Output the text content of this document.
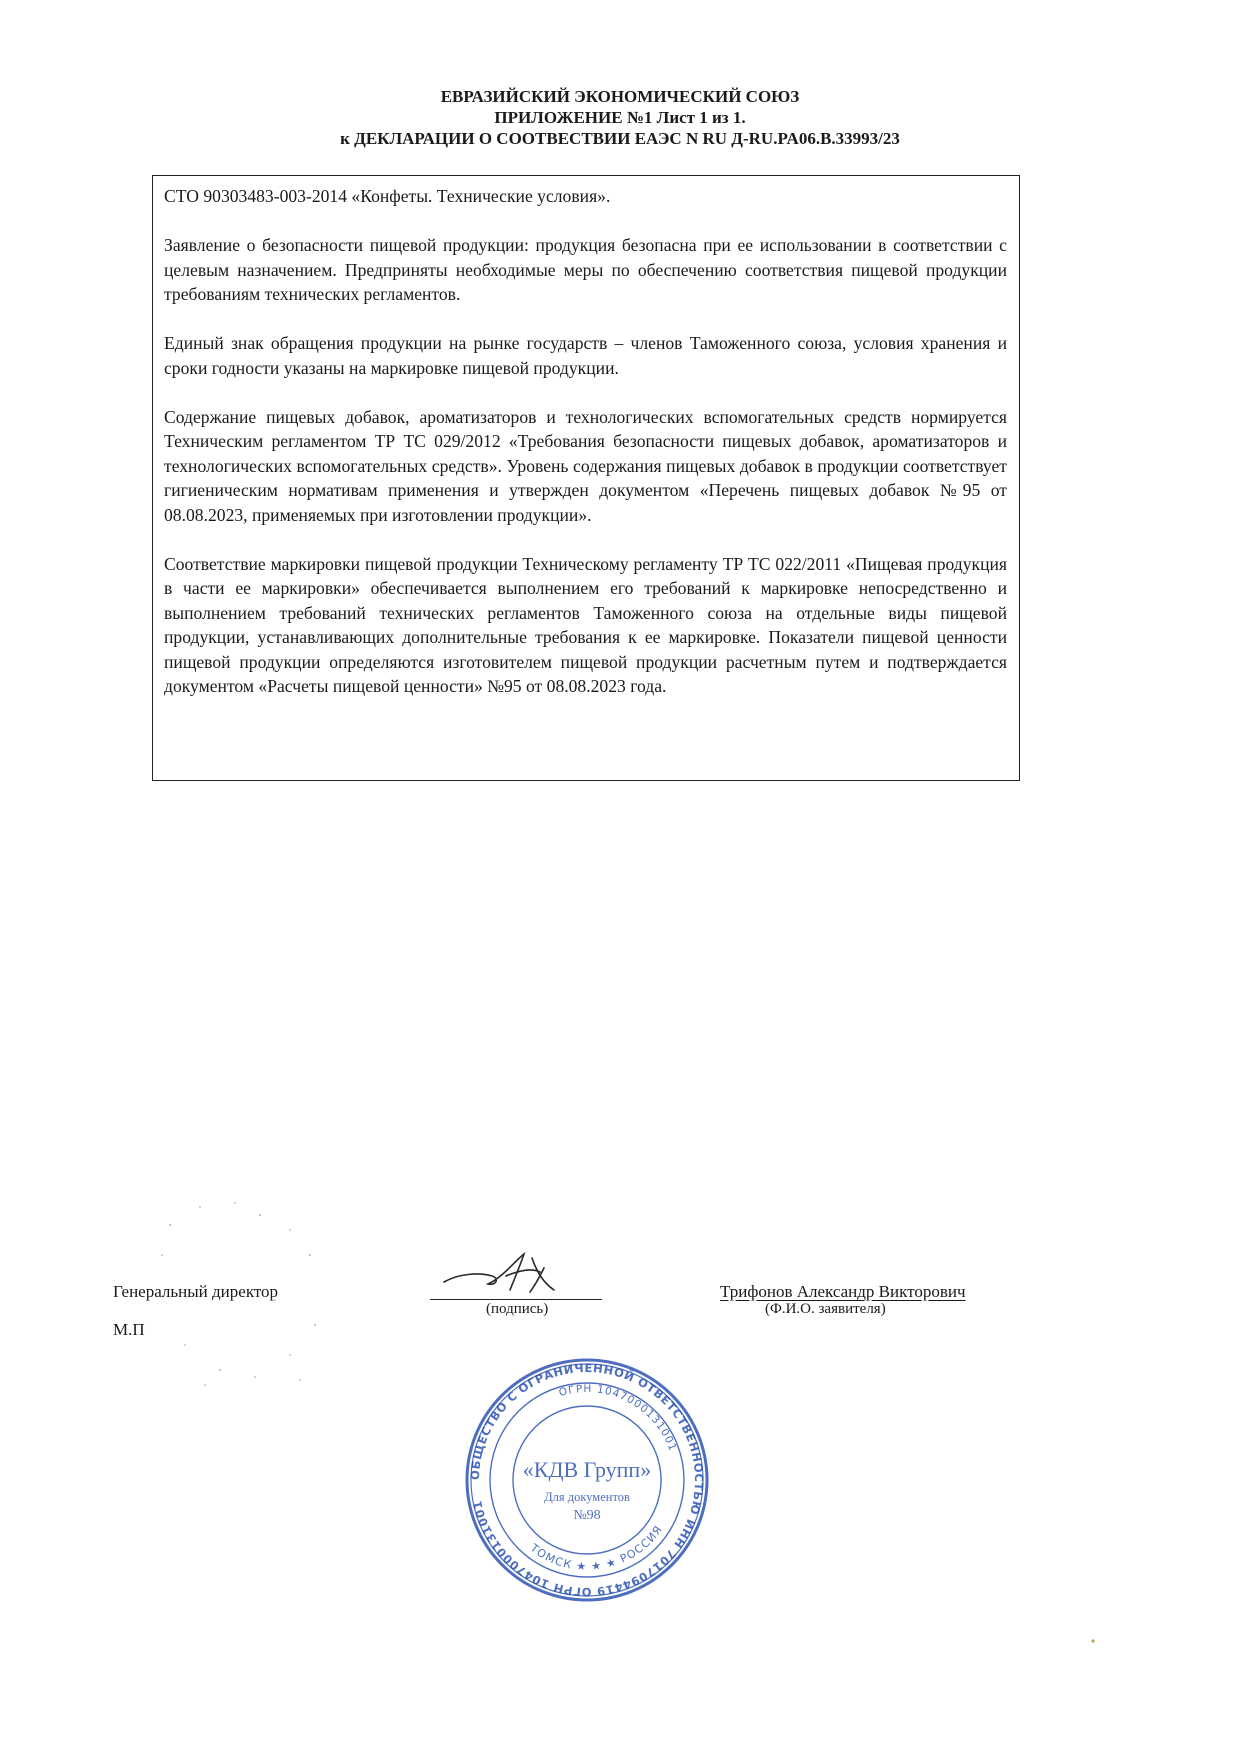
ЕВРАЗИЙСКИЙ ЭКОНОМИЧЕСКИЙ СОЮЗ
ПРИЛОЖЕНИЕ №1 Лист 1 из 1.
к ДЕКЛАРАЦИИ О СООТВЕСТВИИ ЕАЭС N RU Д-RU.PA06.B.33993/23

СТО 90303483-003-2014 «Конфеты. Технические условия».

Заявление о безопасности пищевой продукции: продукция безопасна при ее использовании в соответствии с целевым назначением. Предприняты необходимые меры по обеспечению соответствия пищевой продукции требованиям технических регламентов.

Единый знак обращения продукции на рынке государств – членов Таможенного союза, условия хранения и сроки годности указаны на маркировке пищевой продукции.

Содержание пищевых добавок, ароматизаторов и технологических вспомогательных средств нормируется Техническим регламентом ТР ТС 029/2012 «Требования безопасности пищевых добавок, ароматизаторов и технологических вспомогательных средств». Уровень содержания пищевых добавок в продукции соответствует гигиеническим нормативам применения и утвержден документом «Перечень пищевых добавок №95 от 08.08.2023, применяемых при изготовлении продукции».

Соответствие маркировки пищевой продукции Техническому регламенту ТР ТС 022/2011 «Пищевая продукция в части ее маркировки» обеспечивается выполнением его требований к маркировке непосредственно и выполнением требований технических регламентов Таможенного союза на отдельные виды пищевой продукции, устанавливающих дополнительные требования к ее маркировке. Показатели пищевой ценности пищевой продукции определяются изготовителем пищевой продукции расчетным путем и подтверждается документом «Расчеты пищевой ценности» №95 от 08.08.2023 года.

Генеральный директор
М.П
(подпись)
Трифонов Александр Викторович
(Ф.И.О. заявителя)
ОБЩЕСТВО С ОГРАНИЧЕННОЙ ОТВЕТСТВЕННОСТЬЮ ИНН 7017094419 ОГРН 1047000131001
ОГРН 1047000131001
ТОМСК ★ ★ ★ РОССИЯ
«КДВ Групп»
Для документов
№98
